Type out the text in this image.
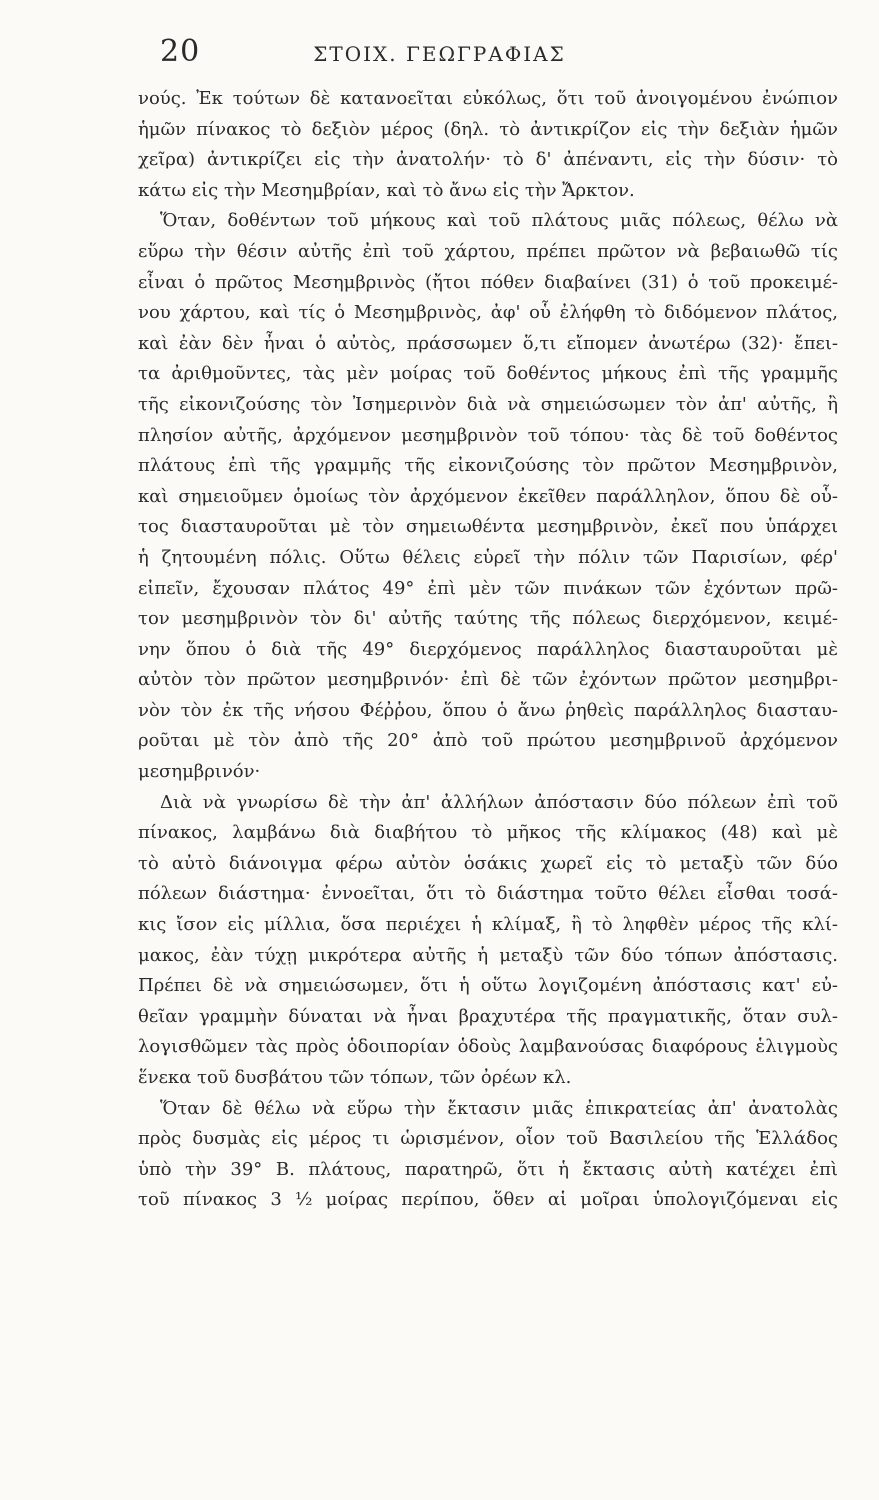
20	ΣΤΟΙΧ. ΓΕΩΓΡΑΦΙΑΣ
νούς. Ἐκ τούτων δὲ κατανοεῖται εὐκόλως, ὅτι τοῦ ἀνοιγομένου ἐνώπιον
ἡμῶν πίνακος τὸ δεξιὸν μέρος (δηλ. τὸ ἀντικρίζον εἰς τὴν δεξιὰν ἡμῶν
χεῖρα) ἀντικρίζει εἰς τὴν ἀνατολήν· τὸ δ' ἀπέναντι, εἰς τὴν δύσιν· τὸ
κάτω εἰς τὴν Μεσημβρίαν, καὶ τὸ ἄνω εἰς τὴν Ἄρκτον.
Ὅταν, δοθέντων τοῦ μήκους καὶ τοῦ πλάτους μιᾶς πόλεως, θέλω νὰ
εὕρω τὴν θέσιν αὐτῆς ἐπὶ τοῦ χάρτου, πρέπει πρῶτον νὰ βεβαιωθῶ τίς
εἶναι ὁ πρῶτος Μεσημβρινὸς (ἤτοι πόθεν διαβαίνει (31) ὁ τοῦ προκειμέ-
νου χάρτου, καὶ τίς ὁ Μεσημβρινὸς, ἀφ' οὗ ἐλήφθη τὸ διδόμενον πλάτος,
καὶ ἐὰν δὲν ἦναι ὁ αὐτὸς, πράσσωμεν ὅ,τι εἴπομεν ἀνωτέρω (32)· ἔπει-
τα ἀριθμοῦντες, τὰς μὲν μοίρας τοῦ δοθέντος μήκους ἐπὶ τῆς γραμμῆς
τῆς εἰκονιζούσης τὸν Ἰσημερινὸν διὰ νὰ σημειώσωμεν τὸν ἀπ' αὐτῆς, ἢ
πλησίον αὐτῆς, ἀρχόμενον μεσημβρινὸν τοῦ τόπου· τὰς δὲ τοῦ δοθέντος
πλάτους ἐπὶ τῆς γραμμῆς τῆς εἰκονιζούσης τὸν πρῶτον Μεσημβρινὸν,
καὶ σημειοῦμεν ὁμοίως τὸν ἀρχόμενον ἐκεῖθεν παράλληλον, ὅπου δὲ οὗ-
τος διασταυροῦται μὲ τὸν σημειωθέντα μεσημβρινὸν, ἐκεῖ που ὑπάρχει
ἡ ζητουμένη πόλις. Οὕτω θέλεις εὑρεῖ τὴν πόλιν τῶν Παρισίων, φέρ'
εἰπεῖν, ἔχουσαν πλάτος 49° ἐπὶ μὲν τῶν πινάκων τῶν ἐχόντων πρῶ-
τον μεσημβρινὸν τὸν δι' αὐτῆς ταύτης τῆς πόλεως διερχόμενον, κειμέ-
νην ὅπου ὁ διὰ τῆς 49° διερχόμενος παράλληλος διασταυροῦται μὲ
αὐτὸν τὸν πρῶτον μεσημβρινόν· ἐπὶ δὲ τῶν ἐχόντων πρῶτον μεσημβρι-
νὸν τὸν ἐκ τῆς νήσου Φέῤῥου, ὅπου ὁ ἄνω ῥηθεὶς παράλληλος διασταυ-
ροῦται μὲ τὸν ἀπὸ τῆς 20° ἀπὸ τοῦ πρώτου μεσημβρινοῦ ἀρχόμενον
μεσημβρινόν·
Διὰ νὰ γνωρίσω δὲ τὴν ἀπ' ἀλλήλων ἀπόστασιν δύο πόλεων ἐπὶ τοῦ
πίνακος, λαμβάνω διὰ διαβήτου τὸ μῆκος τῆς κλίμακος (48) καὶ μὲ
τὸ αὐτὸ διάνοιγμα φέρω αὐτὸν ὁσάκις χωρεῖ εἰς τὸ μεταξὺ τῶν δύο
πόλεων διάστημα· ἐννοεῖται, ὅτι τὸ διάστημα τοῦτο θέλει εἶσθαι τοσά-
κις ἴσον εἰς μίλλια, ὅσα περιέχει ἡ κλίμαξ, ἢ τὸ ληφθὲν μέρος τῆς κλί-
μακος, ἐὰν τύχῃ μικρότερα αὐτῆς ἡ μεταξὺ τῶν δύο τόπων ἀπόστασις.
Πρέπει δὲ νὰ σημειώσωμεν, ὅτι ἡ οὕτω λογιζομένη ἀπόστασις κατ' εὐ-
θεῖαν γραμμὴν δύναται νὰ ἦναι βραχυτέρα τῆς πραγματικῆς, ὅταν συλ-
λογισθῶμεν τὰς πρὸς ὁδοιπορίαν ὁδοὺς λαμβανούσας διαφόρους ἑλιγμοὺς
ἕνεκα τοῦ δυσβάτου τῶν τόπων, τῶν ὀρέων κλ.
Ὅταν δὲ θέλω νὰ εὕρω τὴν ἔκτασιν μιᾶς ἐπικρατείας ἀπ' ἀνατολὰς
πρὸς δυσμὰς εἰς μέρος τι ὡρισμένον, οἷον τοῦ Βασιλείου τῆς Ἑλλάδος
ὑπὸ τὴν 39° Β. πλάτους, παρατηρῶ, ὅτι ἡ ἔκτασις αὐτὴ κατέχει ἐπὶ
τοῦ πίνακος 3 ½ μοίρας περίπου, ὅθεν αἱ μοῖραι ὑπολογιζόμεναι εἰς
